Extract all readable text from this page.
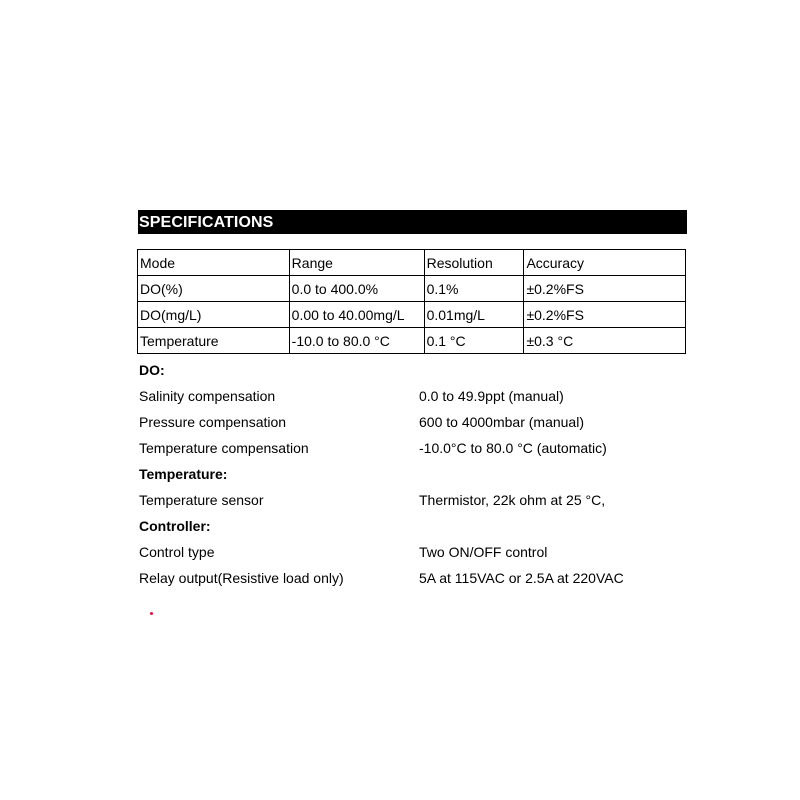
SPECIFICATIONS
Mode	Range	Resolution	Accuracy
DO(%)	0.0 to 400.0%	0.1%	±0.2%FS
DO(mg/L)	0.00 to 40.00mg/L	0.01mg/L	±0.2%FS
Temperature	-10.0 to 80.0 °C	0.1 °C	±0.3 °C
DO:
Salinity compensation	0.0 to 49.9ppt (manual)
Pressure compensation	600 to 4000mbar (manual)
Temperature compensation	-10.0°C to 80.0 °C (automatic)
Temperature:
Temperature sensor	Thermistor, 22k ohm at 25 °C,
Controller:
Control type	Two ON/OFF control
Relay output(Resistive load only)	5A at 115VAC or 2.5A at 220VAC
